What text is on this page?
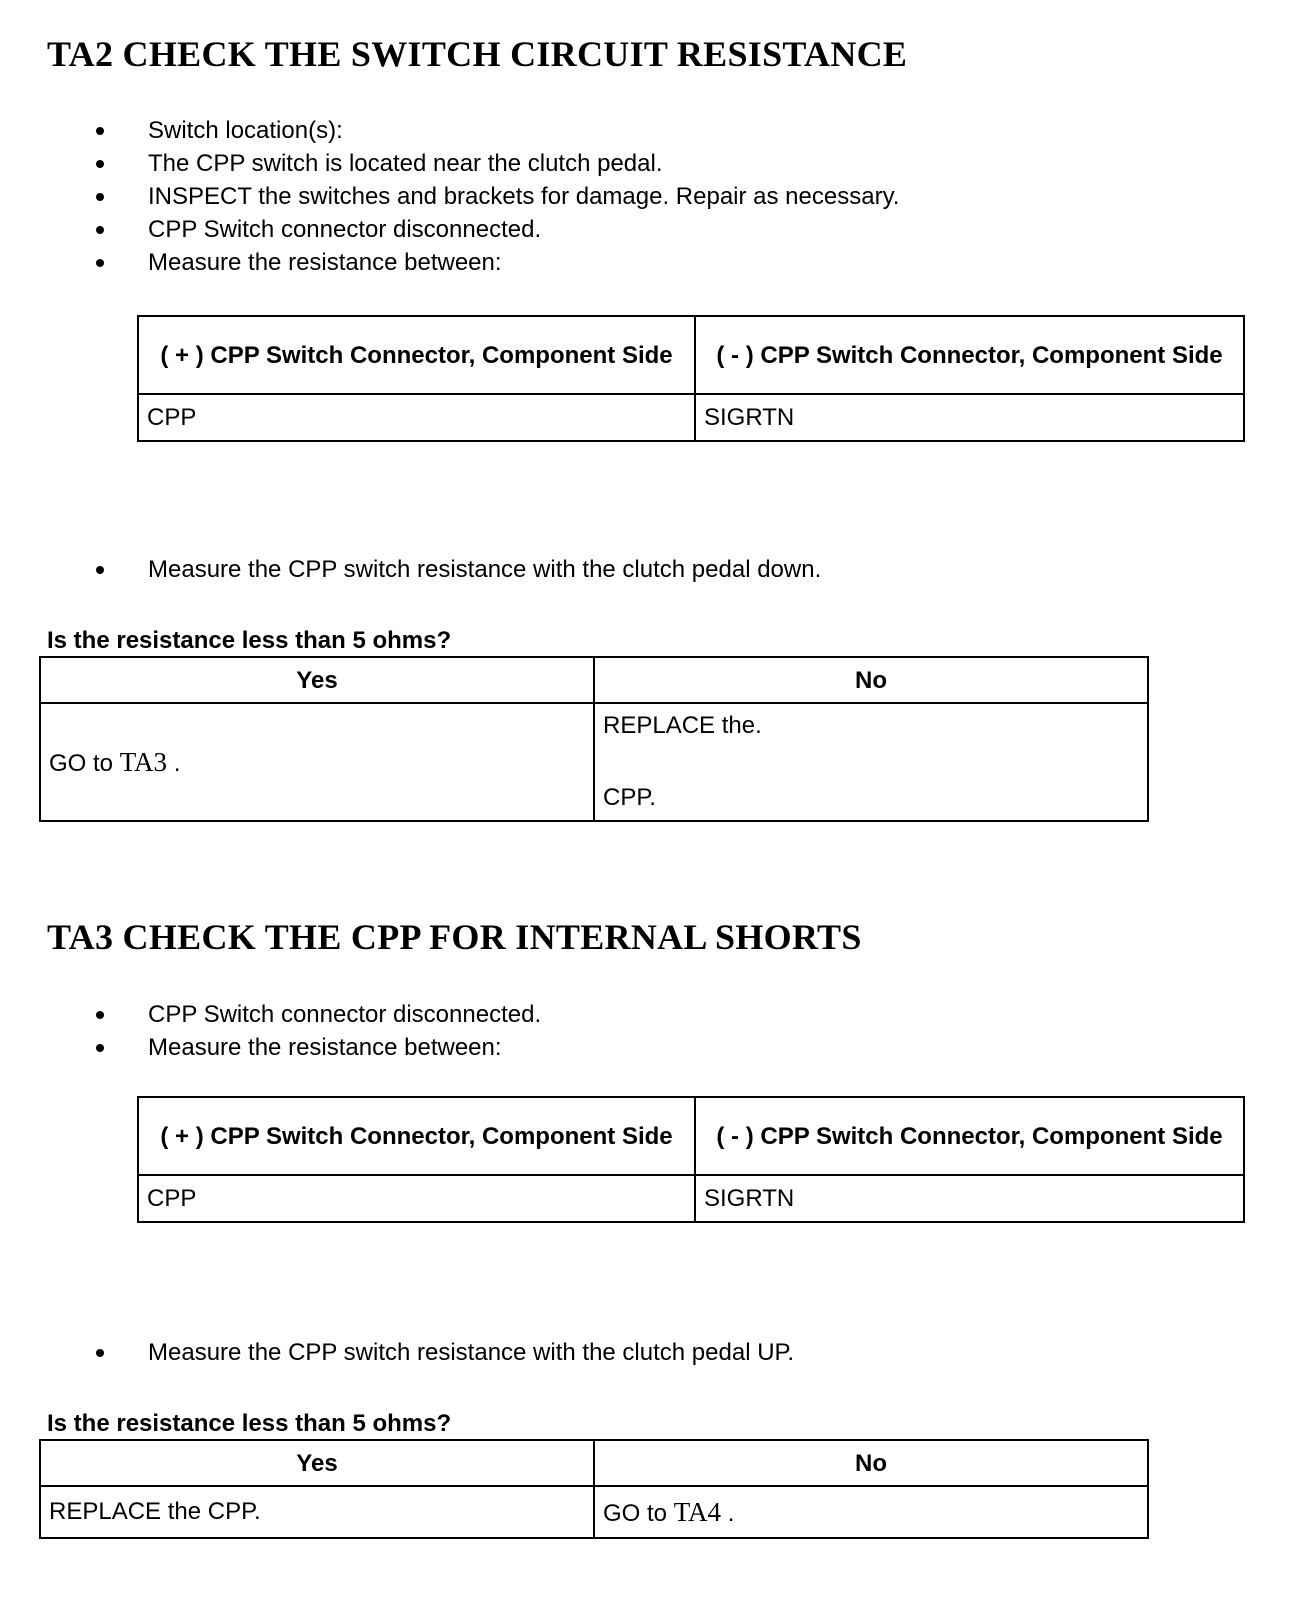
TA2 CHECK THE SWITCH CIRCUIT RESISTANCE
Switch location(s):
The CPP switch is located near the clutch pedal.
INSPECT the switches and brackets for damage. Repair as necessary.
CPP Switch connector disconnected.
Measure the resistance between:
( + ) CPP Switch Connector, Component Side	( - ) CPP Switch Connector, Component Side
CPP	SIGRTN
Measure the CPP switch resistance with the clutch pedal down.
Is the resistance less than 5 ohms?
Yes	No
GO to TA3 .	REPLACE the.
CPP.
TA3 CHECK THE CPP FOR INTERNAL SHORTS
CPP Switch connector disconnected.
Measure the resistance between:
( + ) CPP Switch Connector, Component Side	( - ) CPP Switch Connector, Component Side
CPP	SIGRTN
Measure the CPP switch resistance with the clutch pedal UP.
Is the resistance less than 5 ohms?
Yes	No
REPLACE the CPP.	GO to TA4 .
